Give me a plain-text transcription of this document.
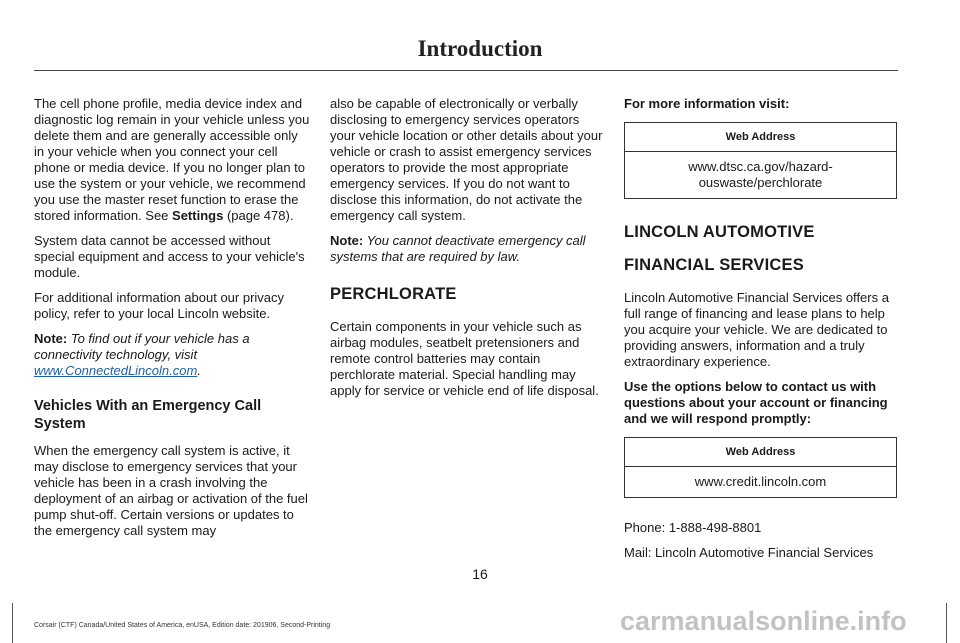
Introduction

The cell phone profile, media device index and diagnostic log remain in your vehicle unless you delete them and are generally accessible only in your vehicle when you connect your cell phone or media device. If you no longer plan to use the system or your vehicle, we recommend you use the master reset function to erase the stored information. See Settings (page 478).

System data cannot be accessed without special equipment and access to your vehicle's module.

For additional information about our privacy policy, refer to your local Lincoln website.

Note: To find out if your vehicle has a connectivity technology, visit www.ConnectedLincoln.com.

Vehicles With an Emergency Call System

When the emergency call system is active, it may disclose to emergency services that your vehicle has been in a crash involving the deployment of an airbag or activation of the fuel pump shut-off. Certain versions or updates to the emergency call system may

also be capable of electronically or verbally disclosing to emergency services operators your vehicle location or other details about your vehicle or crash to assist emergency services operators to provide the most appropriate emergency services. If you do not want to disclose this information, do not activate the emergency call system.

Note: You cannot deactivate emergency call systems that are required by law.

PERCHLORATE

Certain components in your vehicle such as airbag modules, seatbelt pretensioners and remote control batteries may contain perchlorate material. Special handling may apply for service or vehicle end of life disposal.

For more information visit:

Web Address
www.dtsc.ca.gov/hazard-ouswaste/perchlorate
LINCOLN AUTOMOTIVE
FINANCIAL SERVICES

Lincoln Automotive Financial Services offers a full range of financing and lease plans to help you acquire your vehicle. We are dedicated to providing answers, information and a truly extraordinary experience.

Use the options below to contact us with questions about your account or financing and we will respond promptly:

Web Address
www.credit.lincoln.com

Phone: 1-888-498-8801

Mail: Lincoln Automotive Financial Services

16
Corsair (CTF) Canada/United States of America, enUSA, Edition date: 201906, Second-Printing	carmanualsonline.info
